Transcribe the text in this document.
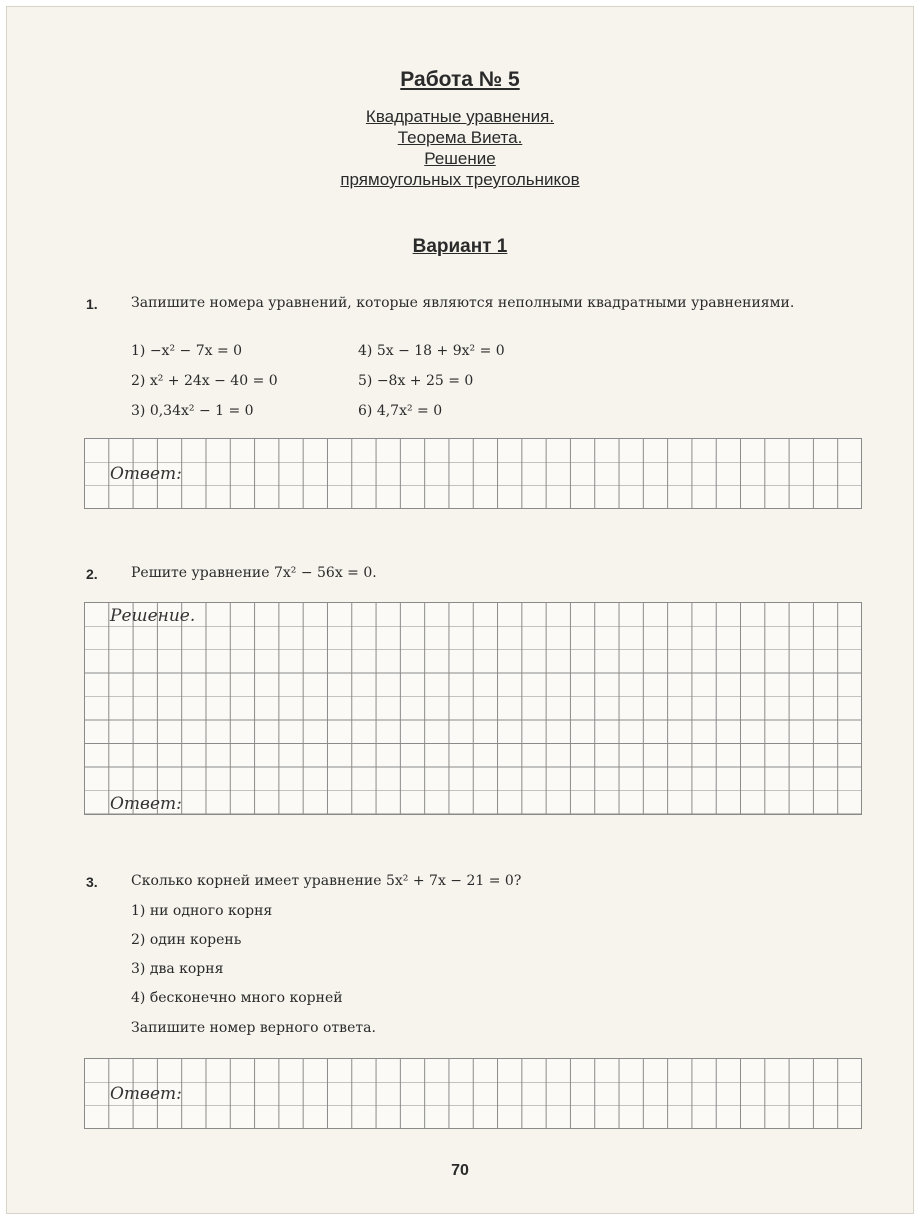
Работа № 5
Квадратные уравнения.
Теорема Виета.
Решение
прямоугольных треугольников
Вариант 1
1. Запишите номера уравнений, которые являются неполными квадратными уравнениями.
1) −x² − 7x = 0
2) x² + 24x − 40 = 0
3) 0,34x² − 1 = 0
4) 5x − 18 + 9x² = 0
5) −8x + 25 = 0
6) 4,7x² = 0
Ответ:
2. Решите уравнение 7x² − 56x = 0.
Решение.
Ответ:
3. Сколько корней имеет уравнение 5x² + 7x − 21 = 0?
1) ни одного корня
2) один корень
3) два корня
4) бесконечно много корней
Запишите номер верного ответа.
Ответ:
70
